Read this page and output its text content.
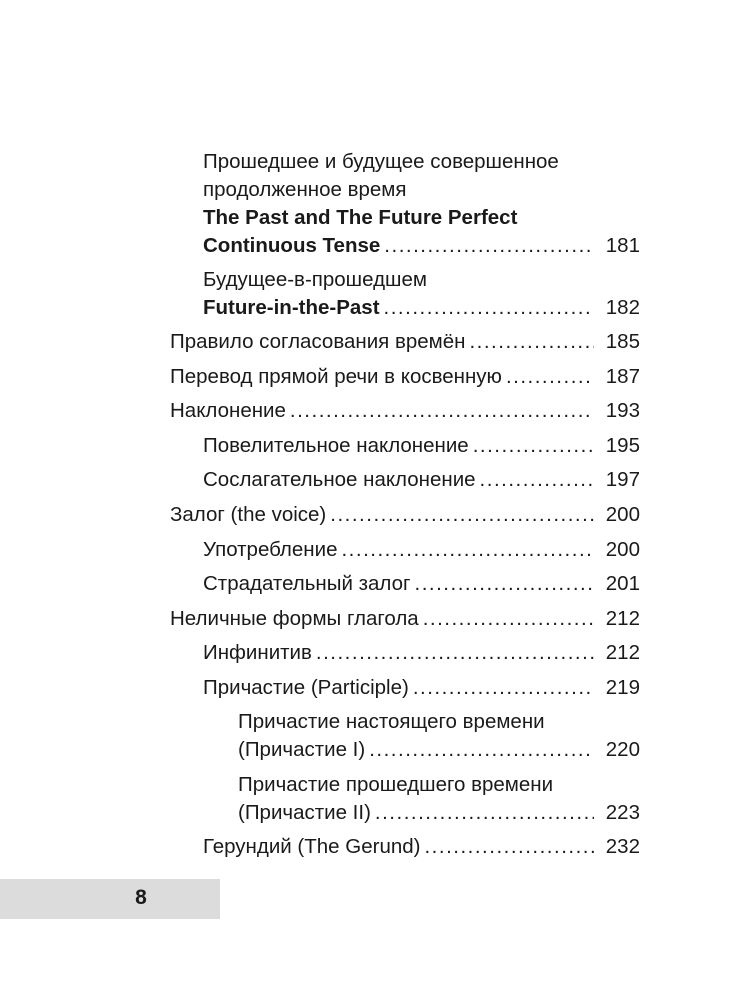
Прошедшее и будущее совершенное
продолженное время
The Past and The Future Perfect
Continuous Tense .....	181
Будущее-в-прошедшем
Future-in-the-Past .....	182
Правило согласования времён .....	185
Перевод прямой речи в косвенную .....	187
Наклонение .....	193
Повелительное наклонение .....	195
Сослагательное наклонение .....	197
Залог (the voice) .....	200
Употребление .....	200
Страдательный залог .....	201
Неличные формы глагола .....	212
Инфинитив .....	212
Причастие (Participle) .....	219
Причастие настоящего времени
(Причастие I) .....	220
Причастие прошедшего времени
(Причастие II) .....	223
Герундий (The Gerund) .....	232
8
